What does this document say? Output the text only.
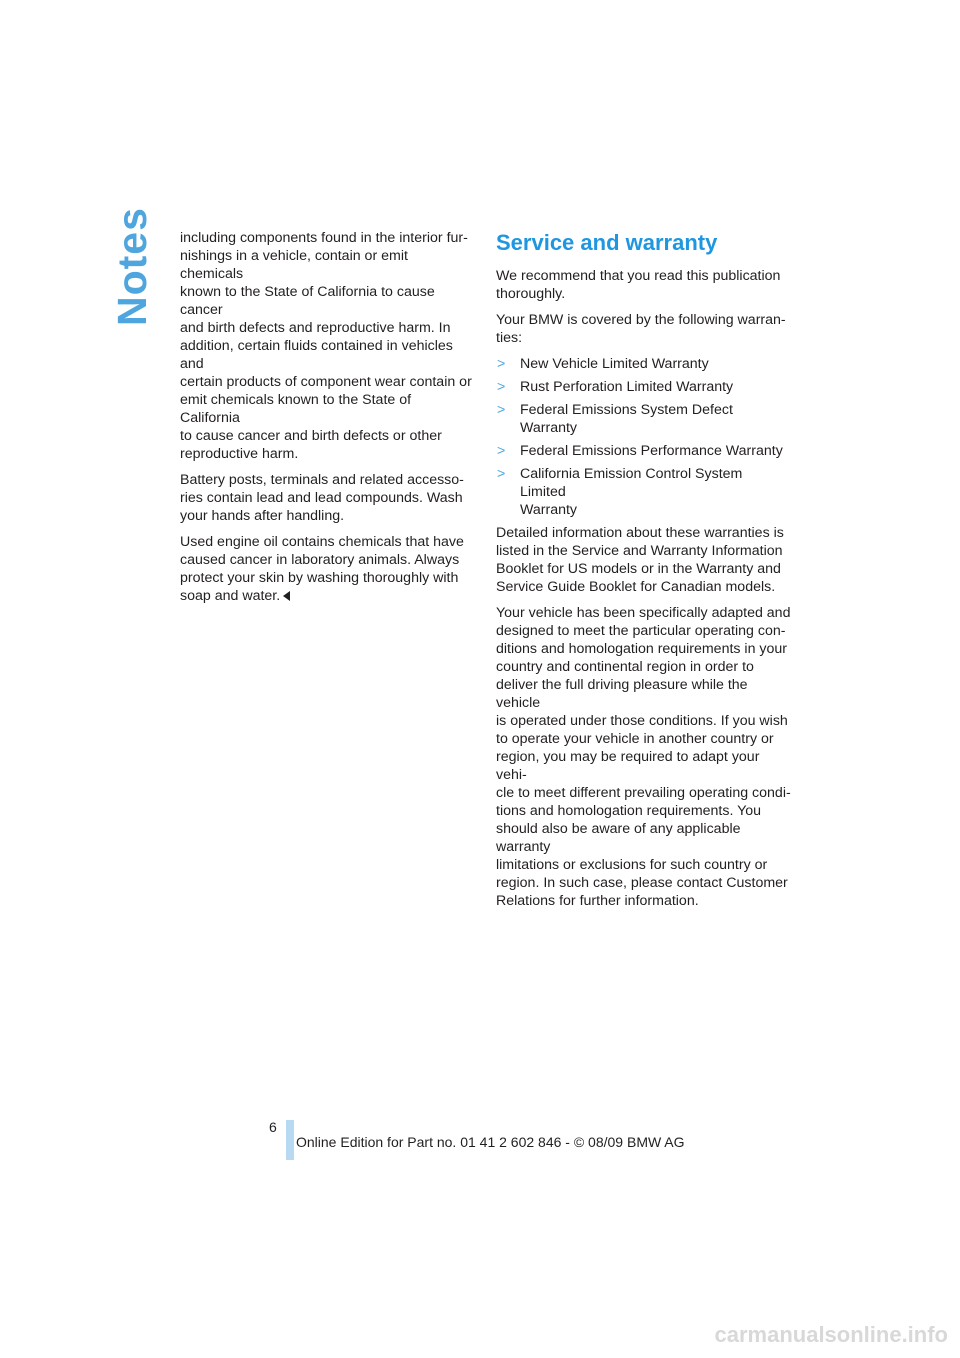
Notes including components found in the interior fur-
nishings in a vehicle, contain or emit chemicals
known to the State of California to cause cancer
and birth defects and reproductive harm. In
addition, certain fluids contained in vehicles and
certain products of component wear contain or
emit chemicals known to the State of California
to cause cancer and birth defects or other
reproductive harm.

Battery posts, terminals and related accesso-
ries contain lead and lead compounds. Wash
your hands after handling.

Used engine oil contains chemicals that have
caused cancer in laboratory animals. Always
protect your skin by washing thoroughly with
soap and water.

Service and warranty

We recommend that you read this publication
thoroughly.

Your BMW is covered by the following warran-
ties:

> New Vehicle Limited Warranty
> Rust Perforation Limited Warranty
> Federal Emissions System Defect Warranty
> Federal Emissions Performance Warranty
> California Emission Control System Limited
Warranty

Detailed information about these warranties is
listed in the Service and Warranty Information
Booklet for US models or in the Warranty and
Service Guide Booklet for Canadian models.

Your vehicle has been specifically adapted and
designed to meet the particular operating con-
ditions and homologation requirements in your
country and continental region in order to
deliver the full driving pleasure while the vehicle
is operated under those conditions. If you wish
to operate your vehicle in another country or
region, you may be required to adapt your vehi-
cle to meet different prevailing operating condi-
tions and homologation requirements. You
should also be aware of any applicable warranty
limitations or exclusions for such country or
region. In such case, please contact Customer
Relations for further information.

6
Online Edition for Part no. 01 41 2 602 846 - © 08/09 BMW AG
carmanualsonline.info
